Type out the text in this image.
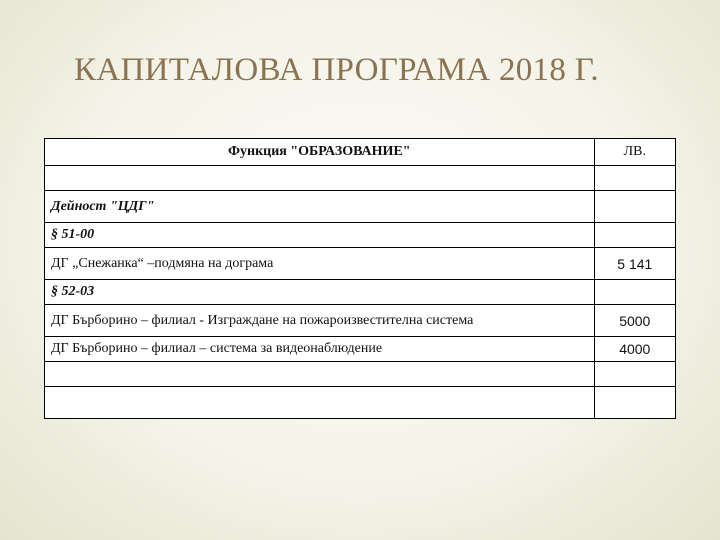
КАПИТАЛОВА ПРОГРАМА 2018 Г.
Функция "ОБРАЗОВАНИЕ"	ЛВ.

Дейност "ЦДГ"	
§ 51-00	
ДГ „Снежанка“ –подмяна на дограма	5 141
§ 52-03	
ДГ Бърборино – филиал - Изграждане на пожароизвестителна система	5000
ДГ Бърборино – филиал – система за видеонаблюдение	4000
